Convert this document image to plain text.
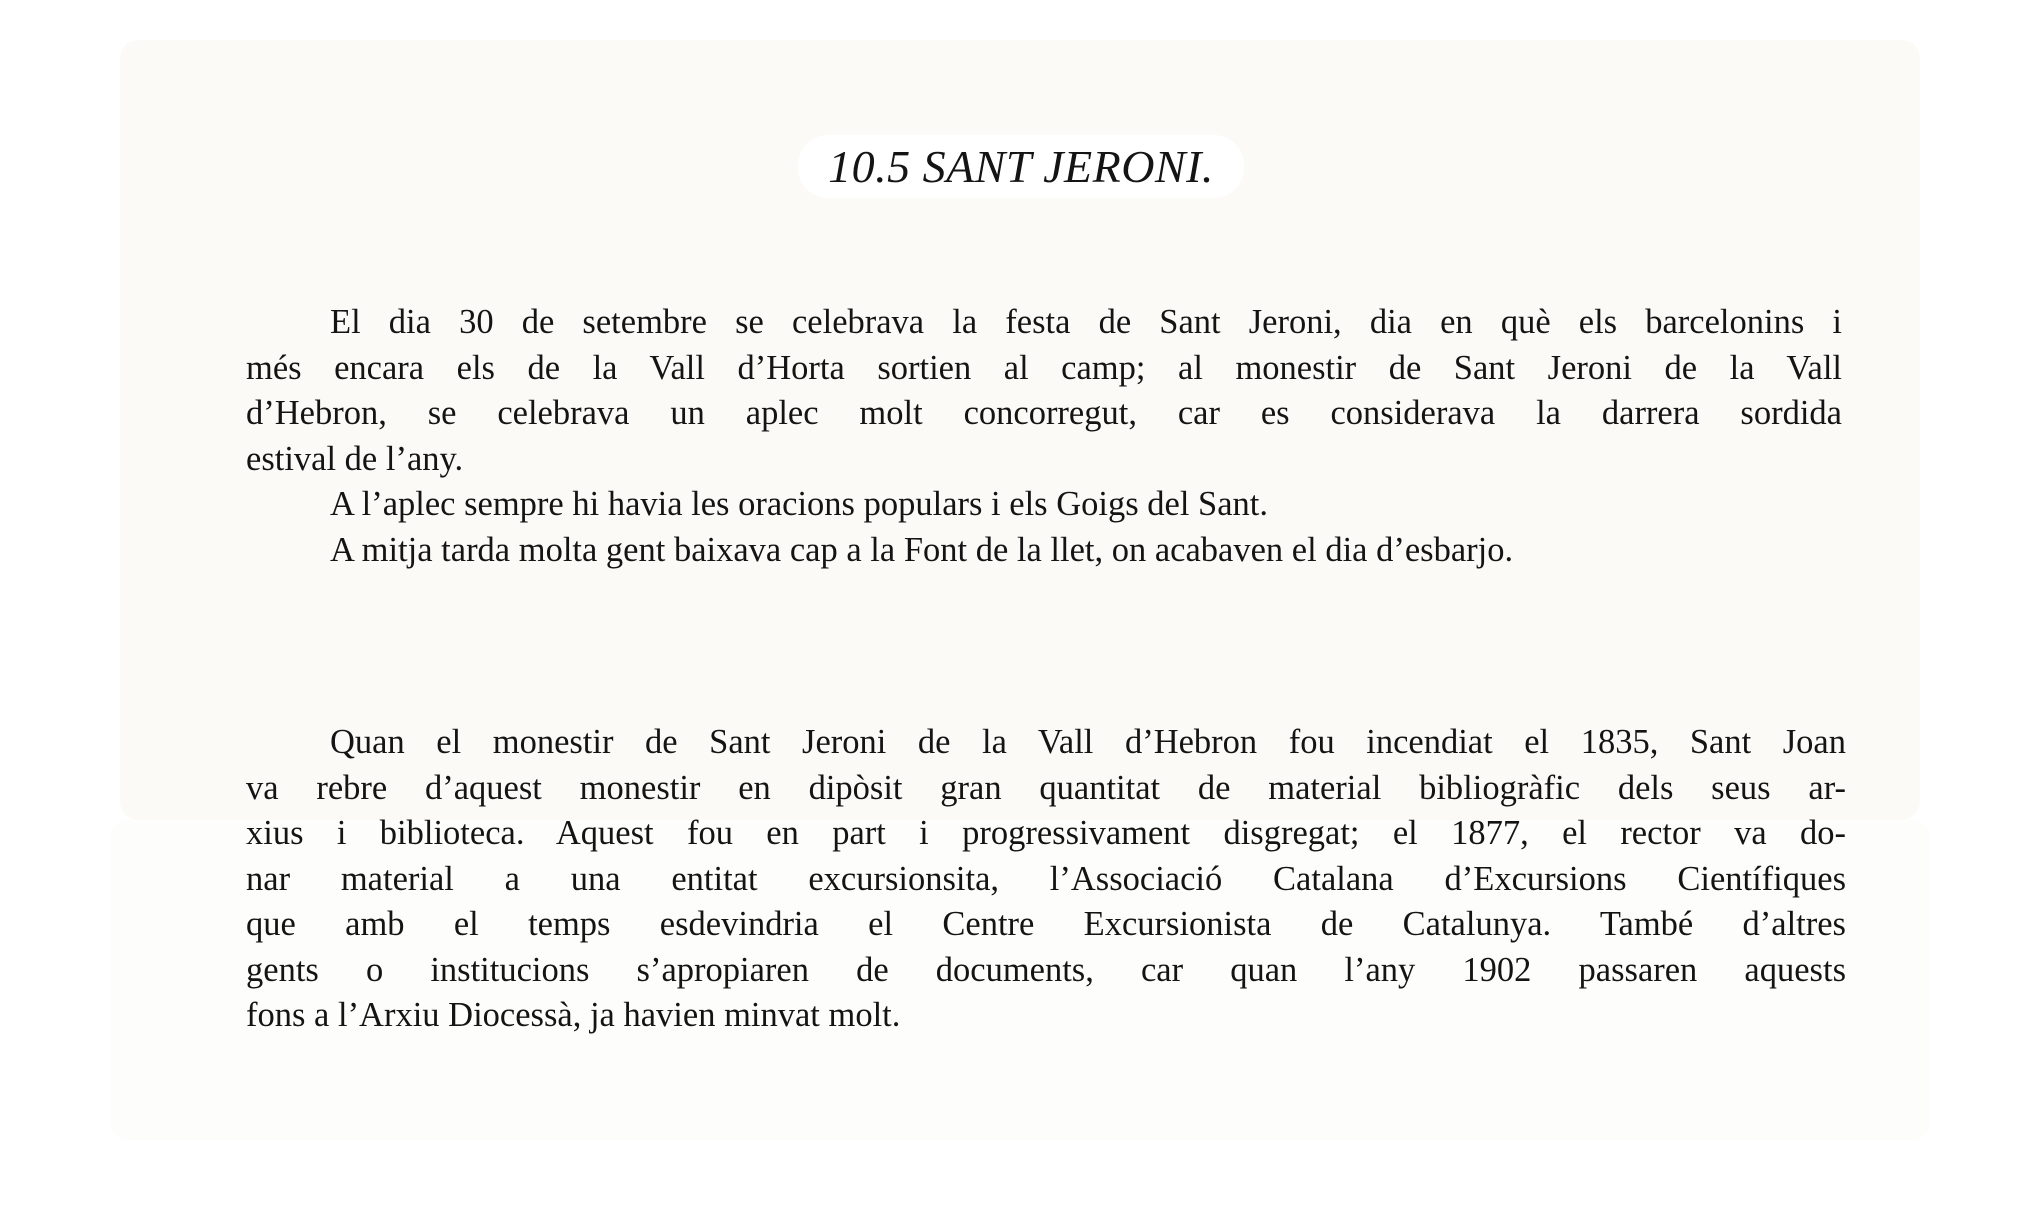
10.5 SANT JERONI.
El dia 30 de setembre se celebrava la festa de Sant Jeroni, dia en què els barcelonins i
més encara els de la Vall d’Horta sortien al camp; al monestir de Sant Jeroni de la Vall
d’Hebron, se celebrava un aplec molt concorregut, car es considerava la darrera sordida
estival de l’any.
A l’aplec sempre hi havia les oracions populars i els Goigs del Sant.
A mitja tarda molta gent baixava cap a la Font de la llet, on acabaven el dia d’esbarjo.
Quan el monestir de Sant Jeroni de la Vall d’Hebron fou incendiat el 1835, Sant Joan
va rebre d’aquest monestir en dipòsit gran quantitat de material bibliogràfic dels seus ar-
xius i biblioteca. Aquest fou en part i progressivament disgregat; el 1877, el rector va do-
nar material a una entitat excursionsita, l’Associació Catalana d’Excursions Científiques
que amb el temps esdevindria el Centre Excursionista de Catalunya. També d’altres
gents o institucions s’apropiaren de documents, car quan l’any 1902 passaren aquests
fons a l’Arxiu Diocessà, ja havien minvat molt.
